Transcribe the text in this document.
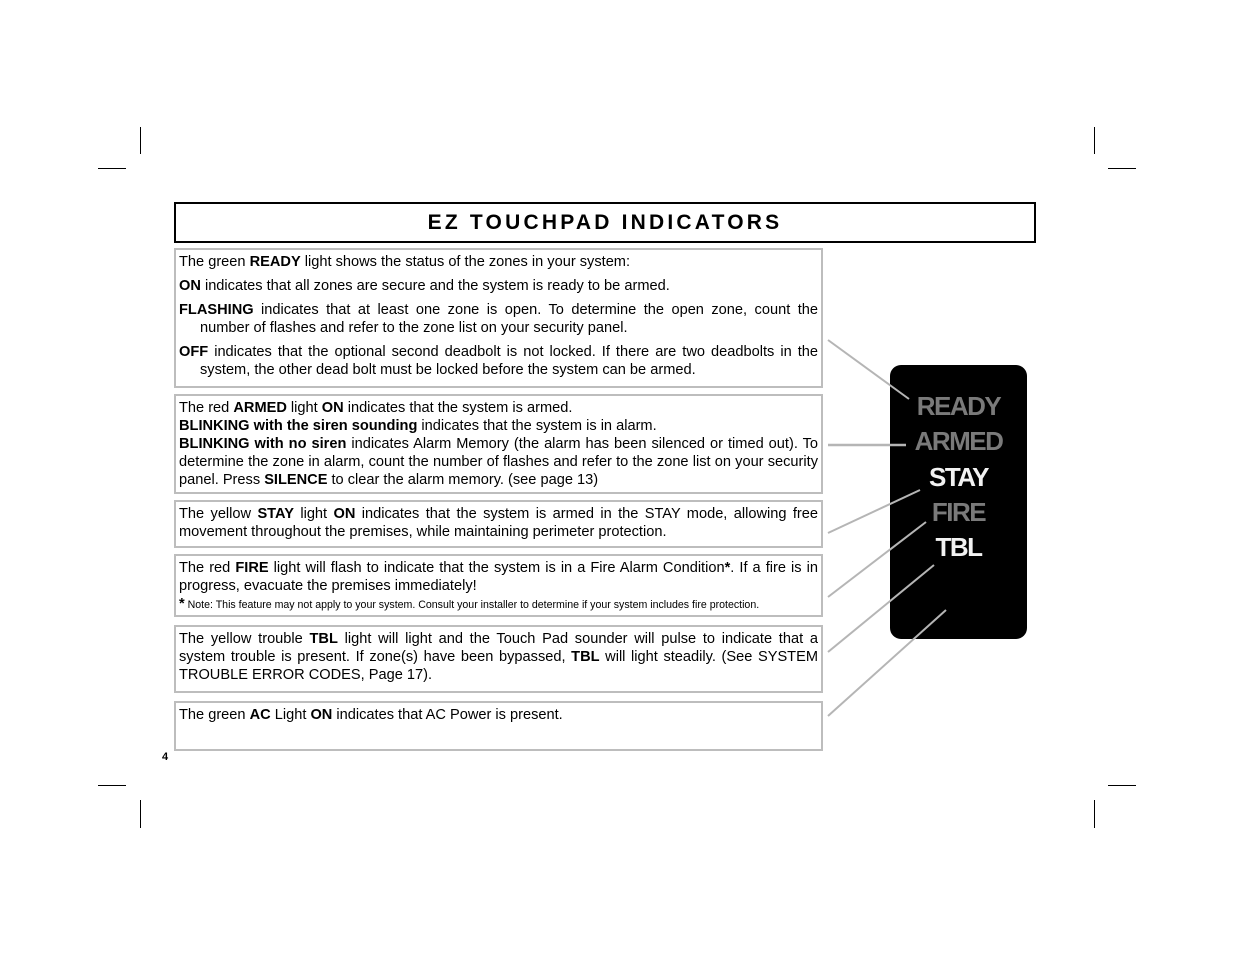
EZ TOUCHPAD INDICATORS

The green READY light shows the status of the zones in your system:

ON indicates that all zones are secure and the system is ready to be armed.

FLASHING indicates that at least one zone is open. To determine the open zone, count the number of flashes and refer to the zone list on your security panel.

OFF indicates that the optional second deadbolt is not locked. If there are two deadbolts in the system, the other dead bolt must be locked before the system can be armed.

The red ARMED light ON indicates that the system is armed.

BLINKING with the siren sounding indicates that the system is in alarm.

BLINKING with no siren indicates Alarm Memory (the alarm has been silenced or timed out). To determine the zone in alarm, count the number of flashes and refer to the zone list on your security panel. Press SILENCE to clear the alarm memory. (see page 13)

The yellow STAY light ON indicates that the system is armed in the STAY mode, allowing free movement throughout the premises, while maintaining perimeter protection.

The red FIRE light will flash to indicate that the system is in a Fire Alarm Condition*. If a fire is in progress, evacuate the premises immediately!

* Note: This feature may not apply to your system. Consult your installer to determine if your system includes fire protection.

The yellow trouble TBL light will light and the Touch Pad sounder will pulse to indicate that a system trouble is present. If zone(s) have been bypassed, TBL will light steadily. (See SYSTEM TROUBLE ERROR CODES, Page 17).

The green AC Light ON indicates that AC Power is present.

4
READY
ARMED
STAY
FIRE
TBL
